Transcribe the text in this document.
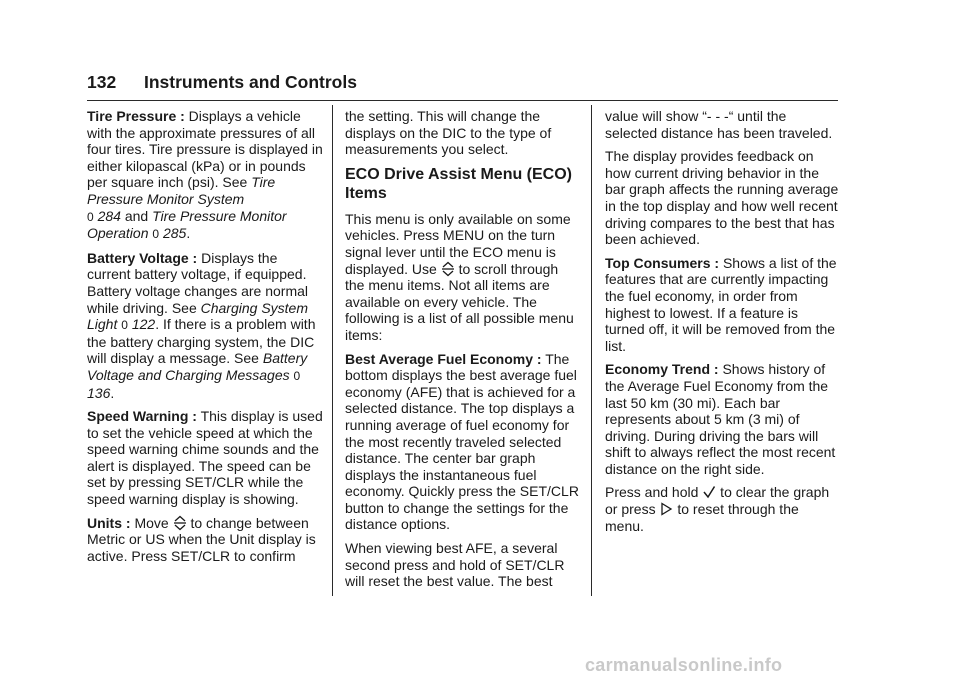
132 Instruments and Controls

Tire Pressure : Displays a vehicle with the approximate pressures of all four tires. Tire pressure is displayed in either kilopascal (kPa) or in pounds per square inch (psi). See Tire Pressure Monitor System
0 284 and Tire Pressure Monitor Operation 0 285.

Battery Voltage : Displays the current battery voltage, if equipped. Battery voltage changes are normal while driving. See Charging System Light 0 122. If there is a problem with the battery charging system, the DIC will display a message. See Battery Voltage and Charging Messages 0 136.

Speed Warning : This display is used to set the vehicle speed at which the speed warning chime sounds and the alert is displayed. The speed can be set by pressing SET/CLR while the speed warning display is showing.

Units : Move  to change between Metric or US when the Unit display is active. Press SET/CLR to confirm

the setting. This will change the displays on the DIC to the type of measurements you select.

ECO Drive Assist Menu (ECO) Items

This menu is only available on some vehicles. Press MENU on the turn signal lever until the ECO menu is displayed. Use  to scroll through the menu items. Not all items are available on every vehicle. The following is a list of all possible menu items:

Best Average Fuel Economy : The bottom displays the best average fuel economy (AFE) that is achieved for a selected distance. The top displays a running average of fuel economy for the most recently traveled selected distance. The center bar graph displays the instantaneous fuel economy. Quickly press the SET/CLR button to change the settings for the distance options.

When viewing best AFE, a several second press and hold of SET/CLR will reset the best value. The best

value will show “- - -“ until the selected distance has been traveled.

The display provides feedback on how current driving behavior in the bar graph affects the running average in the top display and how well recent driving compares to the best that has been achieved.

Top Consumers : Shows a list of the features that are currently impacting the fuel economy, in order from highest to lowest. If a feature is turned off, it will be removed from the list.

Economy Trend : Shows history of the Average Fuel Economy from the last 50 km (30 mi). Each bar represents about 5 km (3 mi) of driving. During driving the bars will shift to always reflect the most recent distance on the right side.

Press and hold  to clear the graph or press  to reset through the menu.

carmanualsonline.info
